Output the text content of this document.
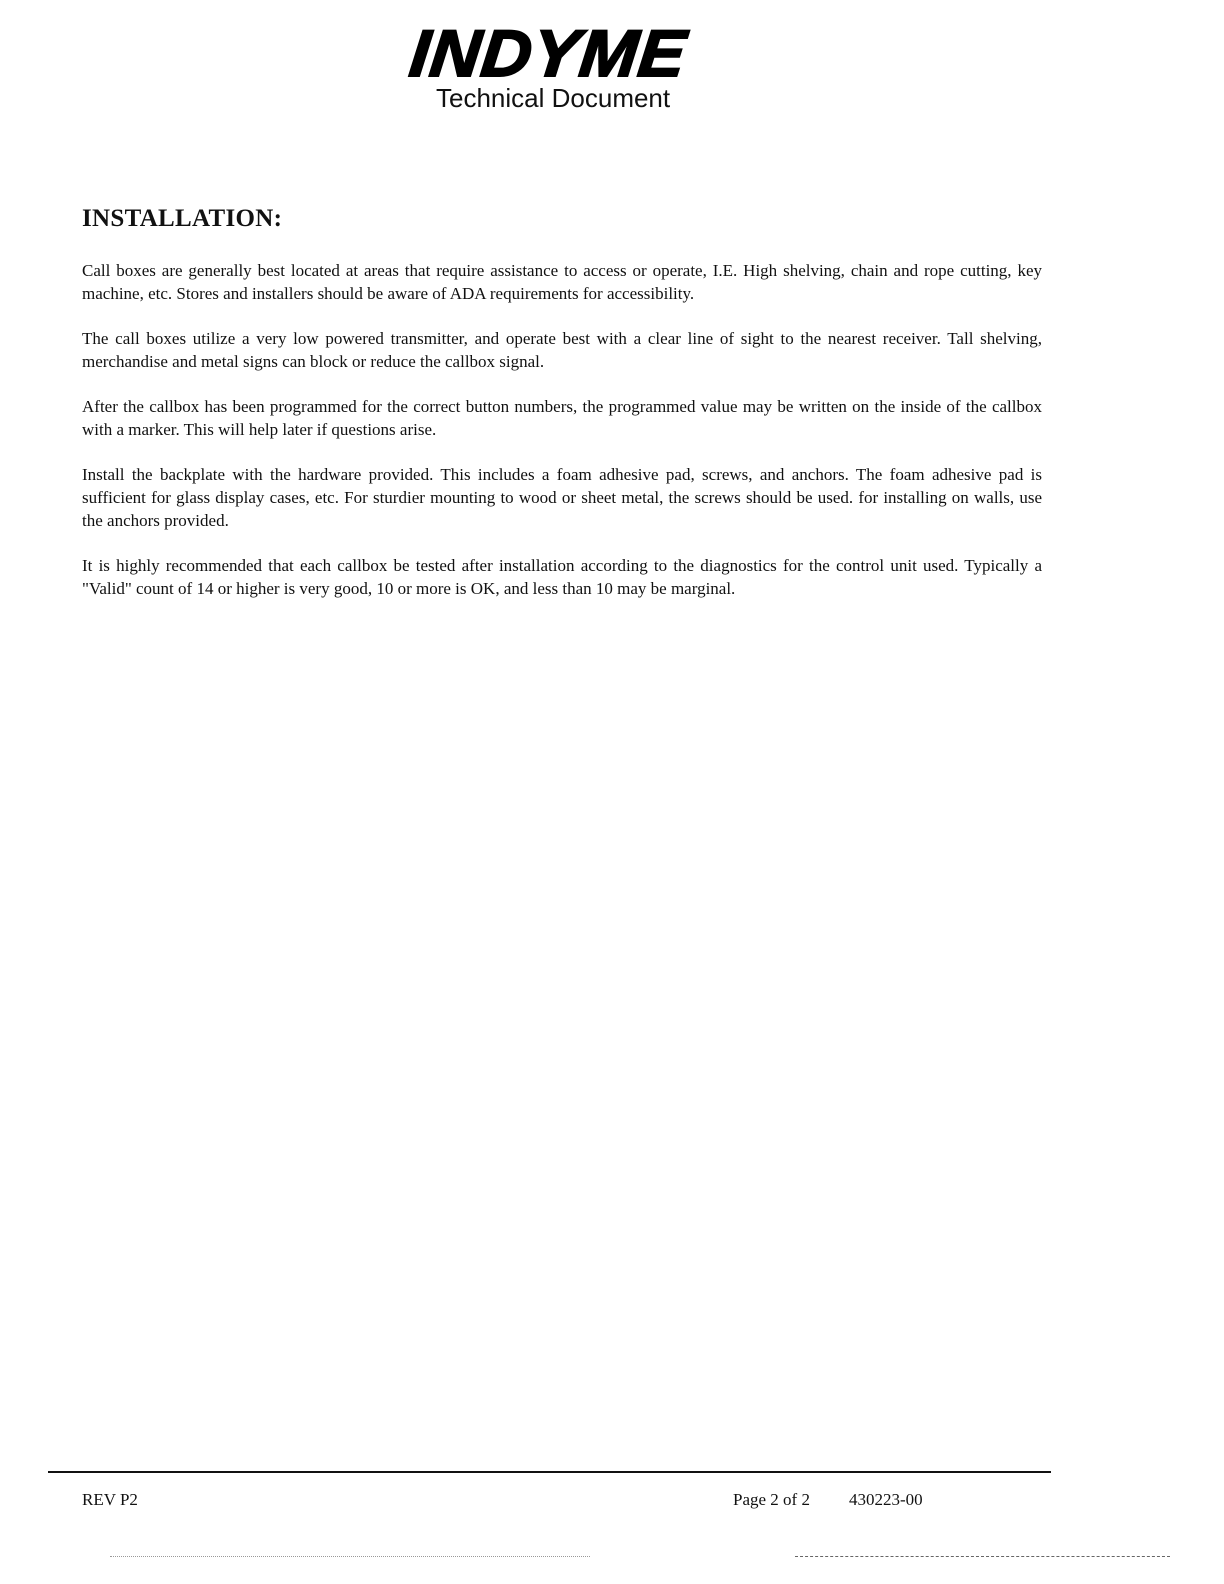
INDYME
Technical Document
INSTALLATION:

Call boxes are generally best located at areas that require assistance to access or operate, I.E. High shelving, chain and rope cutting, key machine, etc. Stores and installers should be aware of ADA requirements for accessibility.

The call boxes utilize a very low powered transmitter, and operate best with a clear line of sight to the nearest receiver. Tall shelving, merchandise and metal signs can block or reduce the callbox signal.

After the callbox has been programmed for the correct button numbers, the programmed value may be written on the inside of the callbox with a marker. This will help later if questions arise.

Install the backplate with the hardware provided. This includes a foam adhesive pad, screws, and anchors. The foam adhesive pad is sufficient for glass display cases, etc. For sturdier mounting to wood or sheet metal, the screws should be used. for installing on walls, use the anchors provided.

It is highly recommended that each callbox be tested after installation according to the diagnostics for the control unit used. Typically a "Valid" count of 14 or higher is very good, 10 or more is OK, and less than 10 may be marginal.

REV P2	Page 2 of 2 430223-00
